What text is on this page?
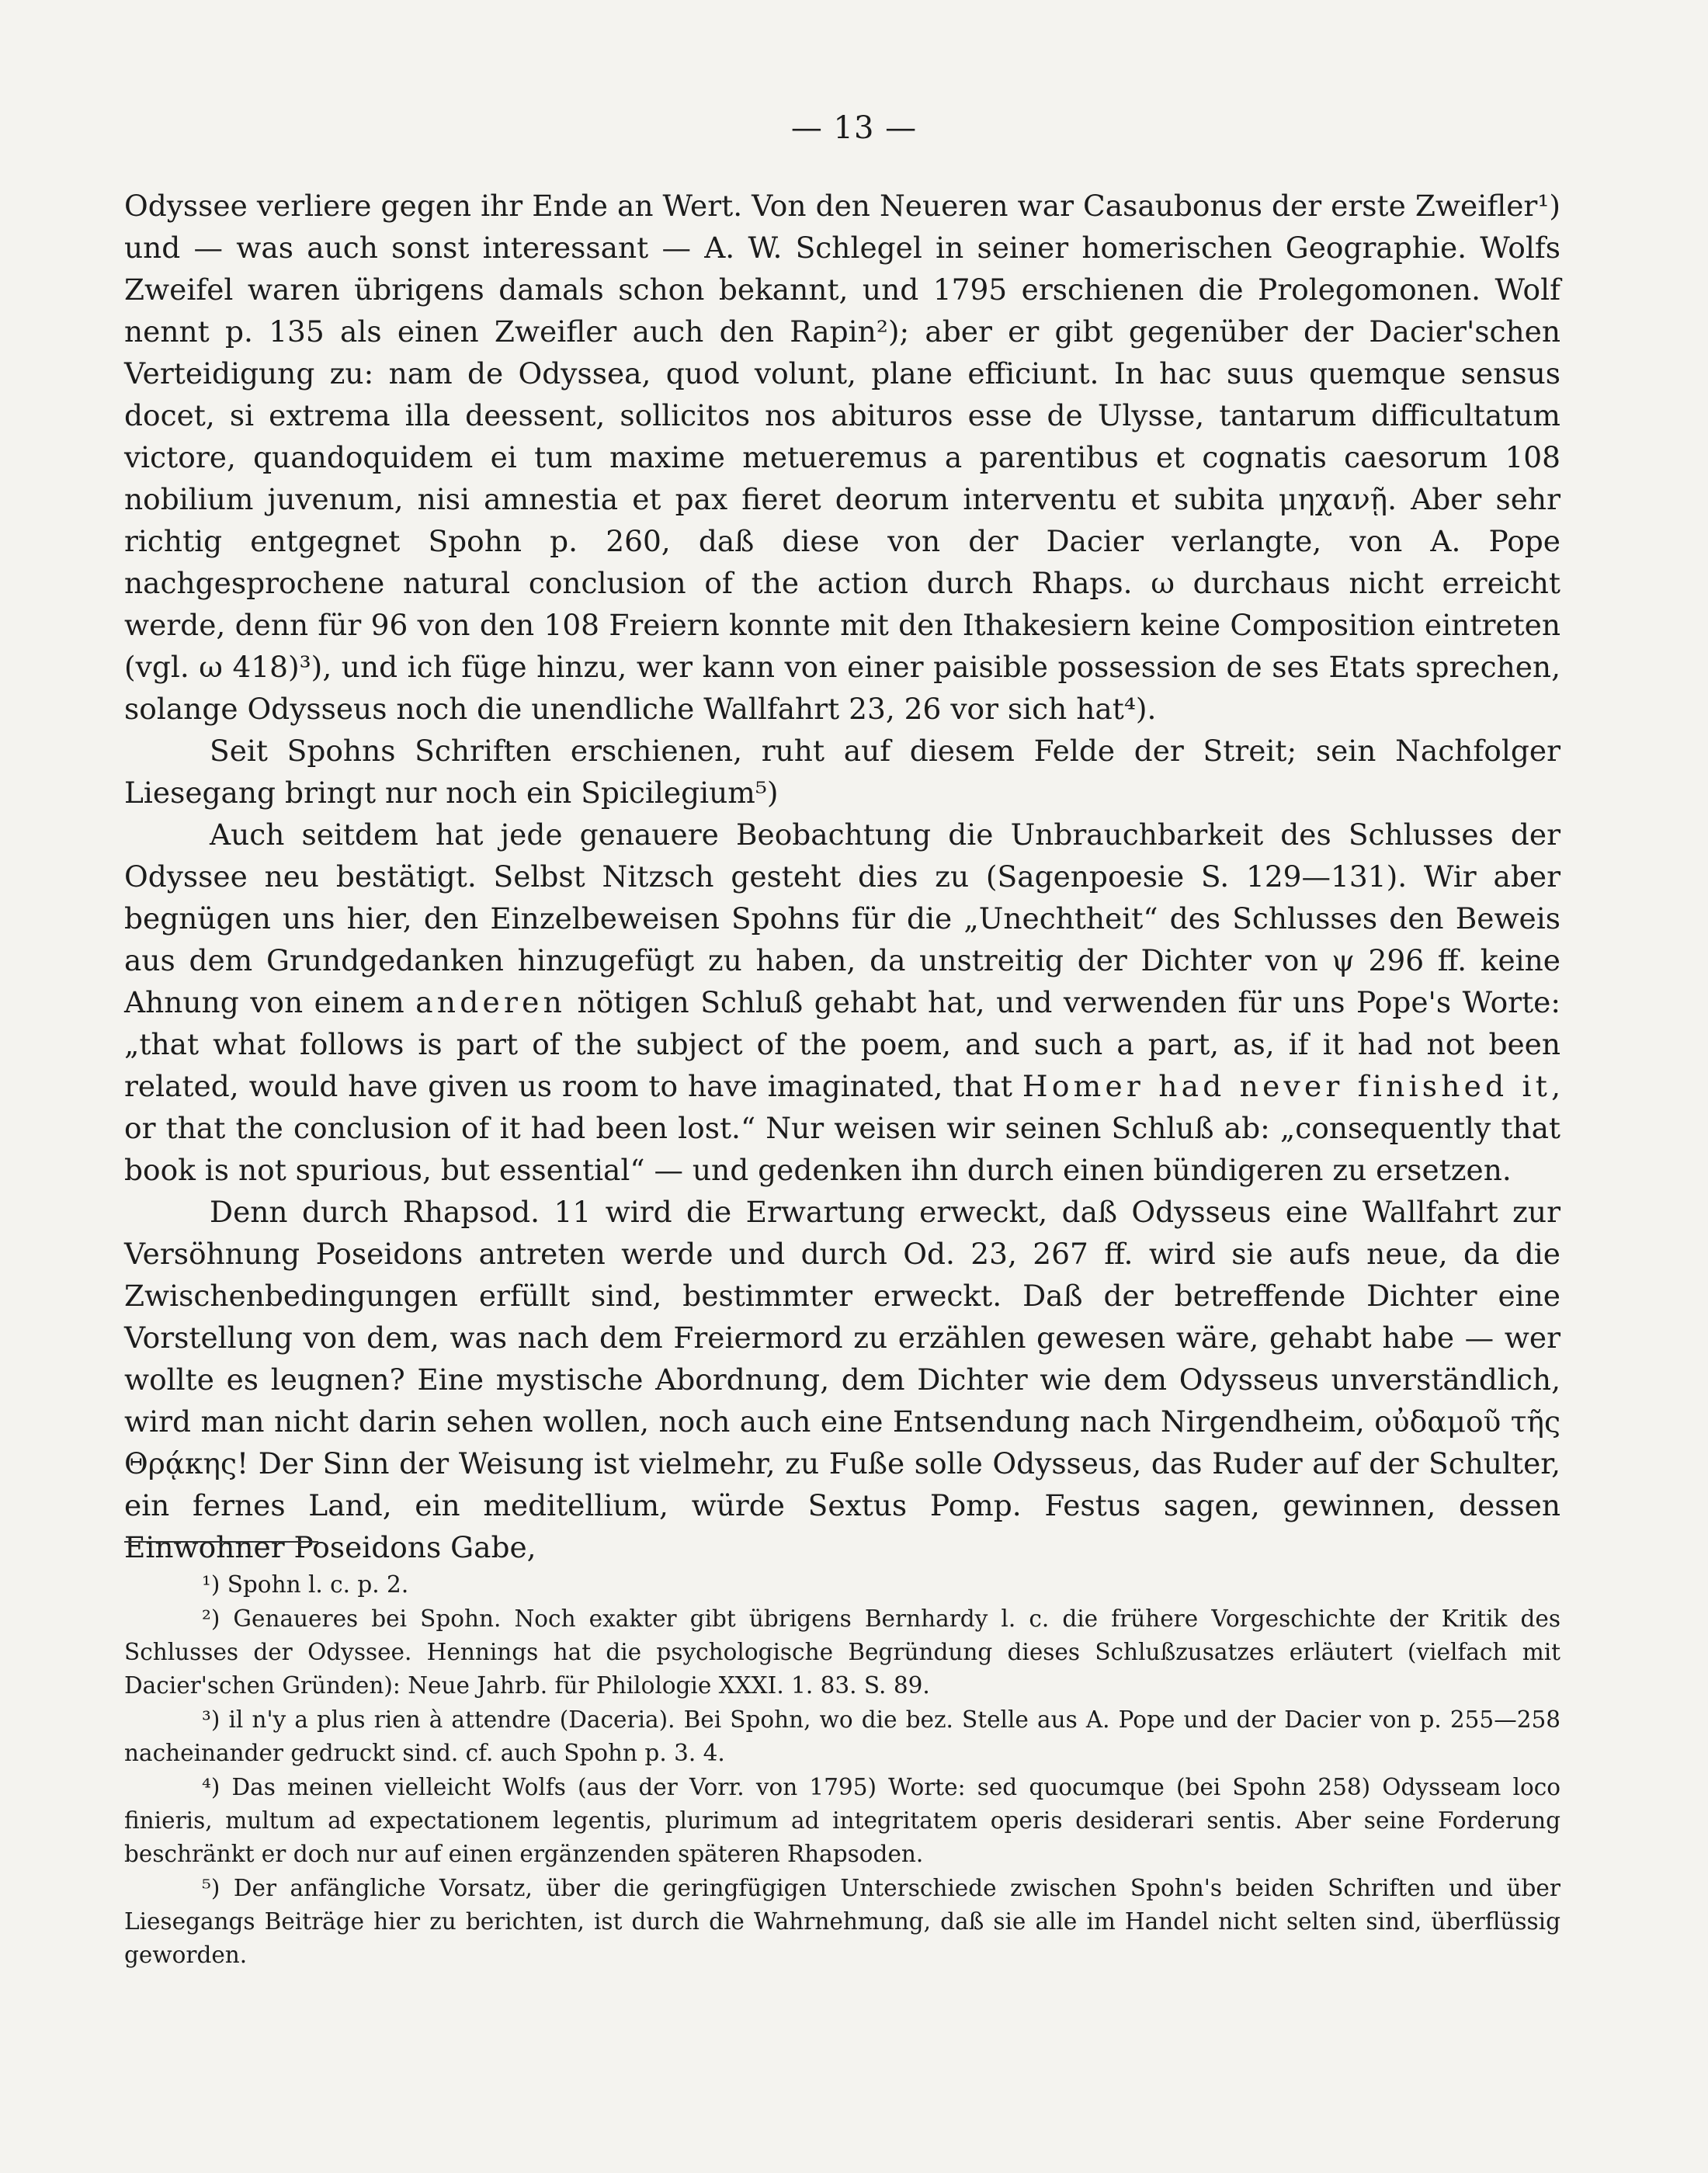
— 13 —

Odyssee verliere gegen ihr Ende an Wert. Von den Neueren war Casaubonus der erste Zweifler¹) und — was auch sonst interessant — A. W. Schlegel in seiner homerischen Geographie. Wolfs Zweifel waren übrigens damals schon bekannt, und 1795 erschienen die Prolegomonen. Wolf nennt p. 135 als einen Zweifler auch den Rapin²); aber er gibt gegenüber der Dacier'schen Verteidigung zu: nam de Odyssea, quod volunt, plane efficiunt. In hac suus quemque sensus docet, si extrema illa deessent, sollicitos nos abituros esse de Ulysse, tantarum difficultatum victore, quandoquidem ei tum maxime metueremus a parentibus et cognatis caesorum 108 nobilium juvenum, nisi amnestia et pax fieret deorum interventu et subita μηχανῇ. Aber sehr richtig entgegnet Spohn p. 260, daß diese von der Dacier verlangte, von A. Pope nachgesprochene natural conclusion of the action durch Rhaps. ω durchaus nicht erreicht werde, denn für 96 von den 108 Freiern konnte mit den Ithakesiern keine Composition eintreten (vgl. ω 418)³), und ich füge hinzu, wer kann von einer paisible possession de ses Etats sprechen, solange Odysseus noch die unendliche Wallfahrt 23, 26 vor sich hat⁴).

Seit Spohns Schriften erschienen, ruht auf diesem Felde der Streit; sein Nachfolger Liesegang bringt nur noch ein Spicilegium⁵)

Auch seitdem hat jede genauere Beobachtung die Unbrauchbarkeit des Schlusses der Odyssee neu bestätigt. Selbst Nitzsch gesteht dies zu (Sagenpoesie S. 129—131). Wir aber begnügen uns hier, den Einzelbeweisen Spohns für die „Unechtheit“ des Schlusses den Beweis aus dem Grundgedanken hinzugefügt zu haben, da unstreitig der Dichter von ψ 296 ff. keine Ahnung von einem anderen nötigen Schluß gehabt hat, und verwenden für uns Pope's Worte: „that what follows is part of the subject of the poem, and such a part, as, if it had not been related, would have given us room to have imaginated, that Homer had never finished it, or that the conclusion of it had been lost.“ Nur weisen wir seinen Schluß ab: „consequently that book is not spurious, but essential“ — und gedenken ihn durch einen bündigeren zu ersetzen.

Denn durch Rhapsod. 11 wird die Erwartung erweckt, daß Odysseus eine Wallfahrt zur Versöhnung Poseidons antreten werde und durch Od. 23, 267 ff. wird sie aufs neue, da die Zwischenbedingungen erfüllt sind, bestimmter erweckt. Daß der betreffende Dichter eine Vorstellung von dem, was nach dem Freiermord zu erzählen gewesen wäre, gehabt habe — wer wollte es leugnen? Eine mystische Abordnung, dem Dichter wie dem Odysseus unverständlich, wird man nicht darin sehen wollen, noch auch eine Entsendung nach Nirgendheim, οὐδαμοῦ τῆς Θρᾴκης! Der Sinn der Weisung ist vielmehr, zu Fuße solle Odysseus, das Ruder auf der Schulter, ein fernes Land, ein meditellium, würde Sextus Pomp. Festus sagen, gewinnen, dessen Einwohner Poseidons Gabe,

¹) Spohn l. c. p. 2.

²) Genaueres bei Spohn. Noch exakter gibt übrigens Bernhardy l. c. die frühere Vorgeschichte der Kritik des Schlusses der Odyssee. Hennings hat die psychologische Begründung dieses Schlußzusatzes erläutert (vielfach mit Dacier'schen Gründen): Neue Jahrb. für Philologie XXXI. 1. 83. S. 89.

³) il n'y a plus rien à attendre (Daceria). Bei Spohn, wo die bez. Stelle aus A. Pope und der Dacier von p. 255—258 nacheinander gedruckt sind. cf. auch Spohn p. 3. 4.

⁴) Das meinen vielleicht Wolfs (aus der Vorr. von 1795) Worte: sed quocumque (bei Spohn 258) Odysseam loco finieris, multum ad expectationem legentis, plurimum ad integritatem operis desiderari sentis. Aber seine Forderung beschränkt er doch nur auf einen ergänzenden späteren Rhapsoden.

⁵) Der anfängliche Vorsatz, über die geringfügigen Unterschiede zwischen Spohn's beiden Schriften und über Liesegangs Beiträge hier zu berichten, ist durch die Wahrnehmung, daß sie alle im Handel nicht selten sind, überflüssig geworden.
